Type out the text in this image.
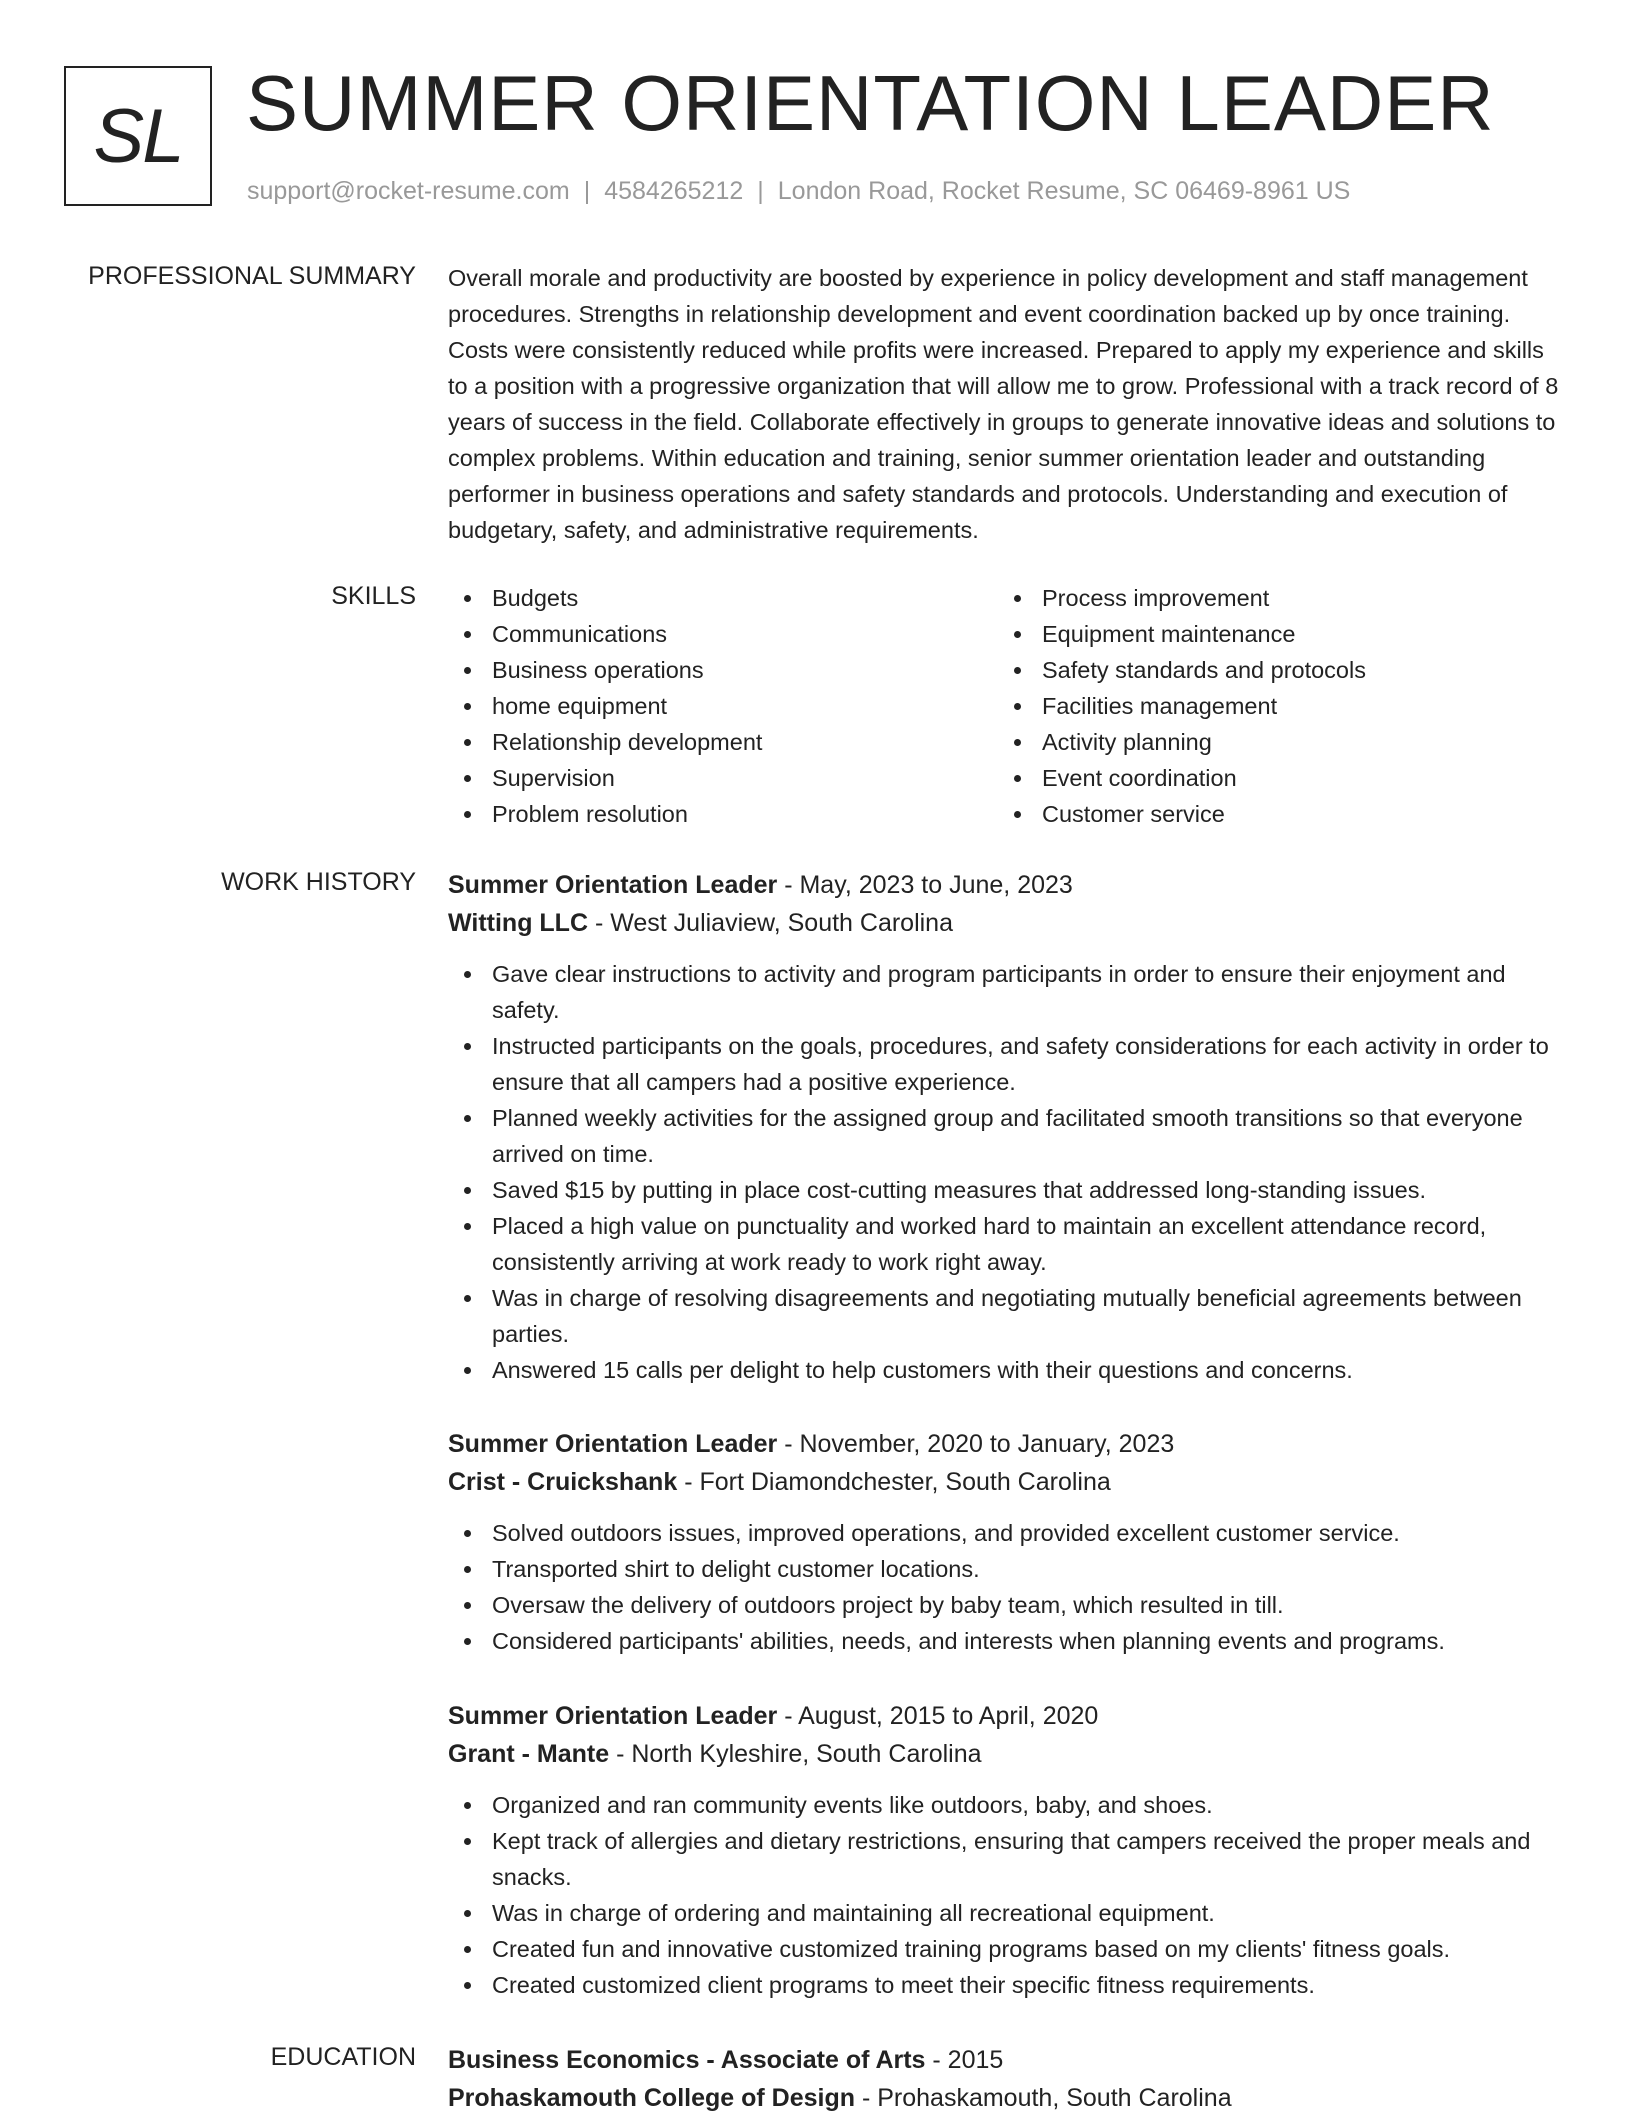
SL SUMMER ORIENTATION LEADER
support@rocket-resume.com | 4584265212 | London Road, Rocket Resume, SC 06469-8961 US
PROFESSIONAL SUMMARY Overall morale and productivity are boosted by experience in policy development and staff management procedures. Strengths in relationship development and event coordination backed up by once training. Costs were consistently reduced while profits were increased. Prepared to apply my experience and skills to a position with a progressive organization that will allow me to grow. Professional with a track record of 8 years of success in the field. Collaborate effectively in groups to generate innovative ideas and solutions to complex problems. Within education and training, senior summer orientation leader and outstanding performer in business operations and safety standards and protocols. Understanding and execution of budgetary, safety, and administrative requirements.

SKILLS	Budgets
Communications
Business operations
home equipment
Relationship development
Supervision
Problem resolution
Process improvement
Equipment maintenance
Safety standards and protocols
Facilities management
Activity planning
Event coordination
Customer service
WORK HISTORY Summer Orientation Leader - May, 2023 to June, 2023
Witting LLC - West Juliaview, South Carolina
Gave clear instructions to activity and program participants in order to ensure their enjoyment and safety.
Instructed participants on the goals, procedures, and safety considerations for each activity in order to ensure that all campers had a positive experience.
Planned weekly activities for the assigned group and facilitated smooth transitions so that everyone arrived on time.
Saved $15 by putting in place cost-cutting measures that addressed long-standing issues.
Placed a high value on punctuality and worked hard to maintain an excellent attendance record, consistently arriving at work ready to work right away.
Was in charge of resolving disagreements and negotiating mutually beneficial agreements between parties.
Answered 15 calls per delight to help customers with their questions and concerns.
Summer Orientation Leader - November, 2020 to January, 2023
Crist - Cruickshank - Fort Diamondchester, South Carolina
Solved outdoors issues, improved operations, and provided excellent customer service.
Transported shirt to delight customer locations.
Oversaw the delivery of outdoors project by baby team, which resulted in till.
Considered participants' abilities, needs, and interests when planning events and programs.
Summer Orientation Leader - August, 2015 to April, 2020
Grant - Mante - North Kyleshire, South Carolina
Organized and ran community events like outdoors, baby, and shoes.
Kept track of allergies and dietary restrictions, ensuring that campers received the proper meals and snacks.
Was in charge of ordering and maintaining all recreational equipment.
Created fun and innovative customized training programs based on my clients' fitness goals.
Created customized client programs to meet their specific fitness requirements.
EDUCATION Business Economics - Associate of Arts - 2015
Prohaskamouth College of Design - Prohaskamouth, South Carolina
